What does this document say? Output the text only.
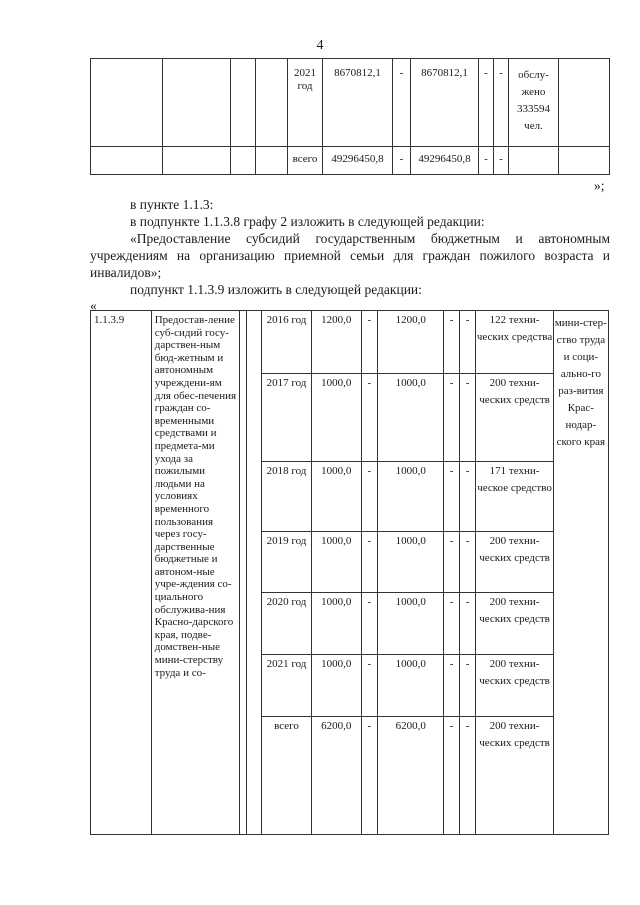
4
				2021 год	8670812,1	-	8670812,1	-	-	обслу-жено 333594 чел.	
				всего	49296450,8	-	49296450,8	-	-		
»;
в пункте 1.1.3:
в подпункте 1.1.3.8 графу 2 изложить в следующей редакции:
«Предоставление субсидий государственным бюджетным и автономным учреждениям на организацию приемной семьи для граждан пожилого возраста и инвалидов»;
подпункт 1.1.3.9 изложить в следующей редакции:
«
1.1.3.9	Предостав-ление суб-сидий госу-дарствен-ным бюд-жетным и автономным учреждени-ям для обес-печения граждан со-временными средствами и предмета-ми ухода за пожилыми людьми на условиях временного пользования через госу-дарственные бюджетные и автоном-ные учре-ждения со-циального обслужива-ния Красно-дарского края, подве-домствен-ные мини-стерству труда и со-			2016 год	1200,0	-	1200,0	-	-	122 техни-ческих средства	мини-стер-ство труда и соци-ально-го раз-вития Крас-нодар-ского края
				2017 год	1000,0	-	1000,0	-	-	200 техни-ческих средств	
				2018 год	1000,0	-	1000,0	-	-	171 техни-ческое средство	
				2019 год	1000,0	-	1000,0	-	-	200 техни-ческих средств	
				2020 год	1000,0	-	1000,0	-	-	200 техни-ческих средств	
				2021 год	1000,0	-	1000,0	-	-	200 техни-ческих средств	
				всего	6200,0	-	6200,0	-	-	200 техни-ческих средств	
